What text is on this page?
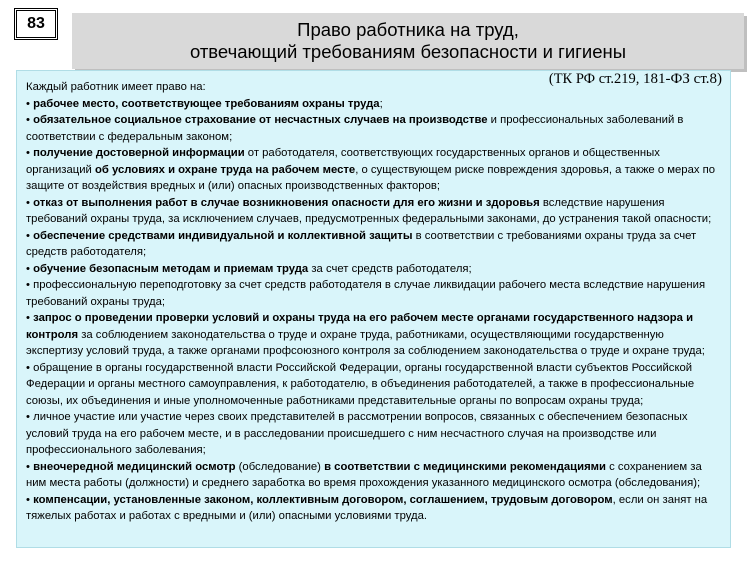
83	Право работника на труд,
отвечающий требованиям безопасности и гигиены
(ТК РФ ст.219, 181-ФЗ ст.8)

Каждый работник имеет право на:

• рабочее место, соответствующее требованиям охраны труда;

• обязательное социальное страхование от несчастных случаев на производстве и профессиональных заболеваний в соответствии с федеральным законом;

• получение достоверной информации от работодателя, соответствующих государственных органов и общественных организаций об условиях и охране труда на рабочем месте, о существующем риске повреждения здоровья, а также о мерах по защите от воздействия вредных и (или) опасных производственных факторов;

• отказ от выполнения работ в случае возникновения опасности для его жизни и здоровья вследствие нарушения требований охраны труда, за исключением случаев, предусмотренных федеральными законами, до устранения такой опасности;

• обеспечение средствами индивидуальной и коллективной защиты в соответствии с требованиями охраны труда за счет средств работодателя;

• обучение безопасным методам и приемам труда за счет средств работодателя;

• профессиональную переподготовку за счет средств работодателя в случае ликвидации рабочего места вследствие нарушения требований охраны труда;

• запрос о проведении проверки условий и охраны труда на его рабочем месте органами государственного надзора и контроля за соблюдением законодательства о труде и охране труда, работниками, осуществляющими государственную экспертизу условий труда, а также органами профсоюзного контроля за соблюдением законодательства о труде и охране труда;

• обращение в органы государственной власти Российской Федерации, органы государственной власти субъектов Российской Федерации и органы местного самоуправления, к работодателю, в объединения работодателей, а также в профессиональные союзы, их объединения и иные уполномоченные работниками представительные органы по вопросам охраны труда;

• личное участие или участие через своих представителей в рассмотрении вопросов, связанных с обеспечением безопасных условий труда на его рабочем месте, и в расследовании происшедшего с ним несчастного случая на производстве или профессионального заболевания;

• внеочередной медицинский осмотр (обследование) в соответствии с медицинскими рекомендациями с сохранением за ним места работы (должности) и среднего заработка во время прохождения указанного медицинского осмотра (обследования);

• компенсации, установленные законом, коллективным договором, соглашением, трудовым договором, если он занят на тяжелых работах и работах с вредными и (или) опасными условиями труда.
